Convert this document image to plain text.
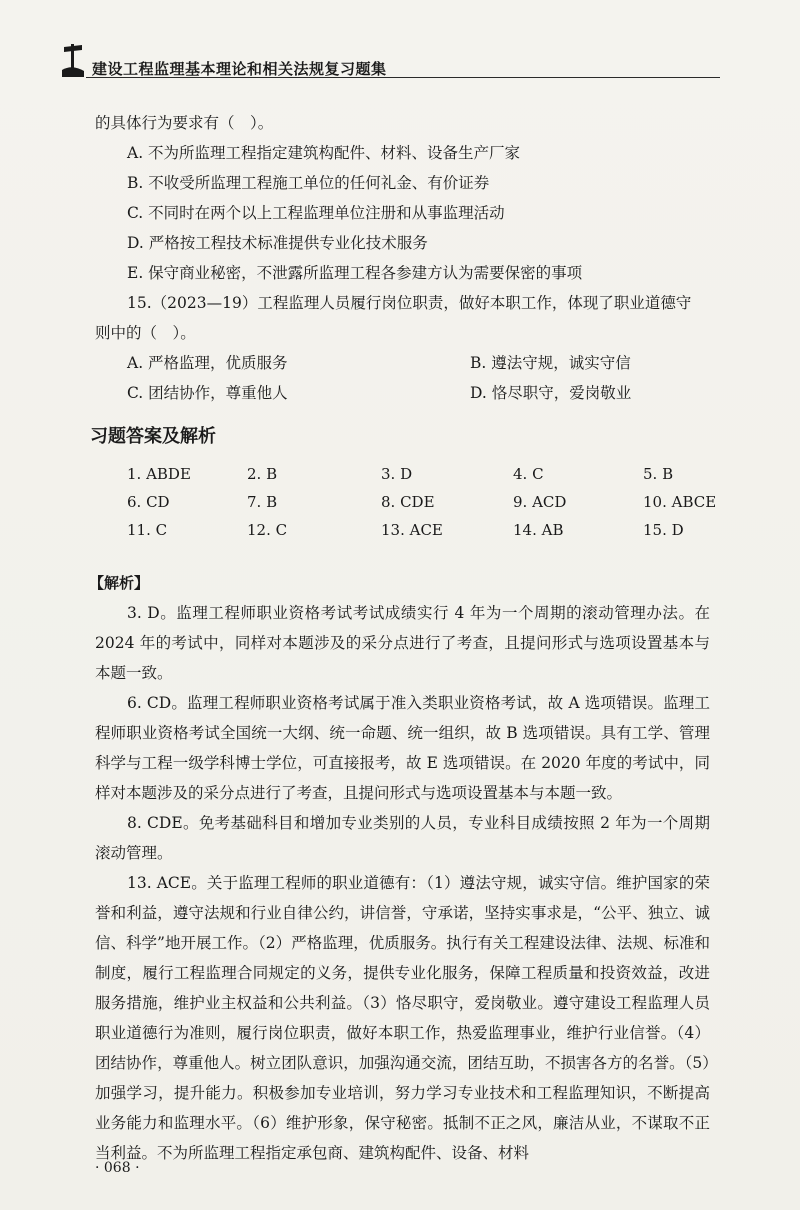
建设工程监理基本理论和相关法规复习题集
的具体行为要求有（　）。
A. 不为所监理工程指定建筑构配件、材料、设备生产厂家
B. 不收受所监理工程施工单位的任何礼金、有价证券
C. 不同时在两个以上工程监理单位注册和从事监理活动
D. 严格按工程技术标准提供专业化技术服务
E. 保守商业秘密，不泄露所监理工程各参建方认为需要保密的事项
15.（2023—19）工程监理人员履行岗位职责，做好本职工作，体现了职业道德守
则中的（　）。
A. 严格监理，优质服务	B. 遵法守规，诚实守信
C. 团结协作，尊重他人	D. 恪尽职守，爱岗敬业
习题答案及解析
1. ABDE	2. B	3. D	4. C	5. B
6. CD	7. B	8. CDE	9. ACD	10. ABCE
11. C	12. C	13. ACE	14. AB	15. D
【解析】
3. D。监理工程师职业资格考试考试成绩实行 4 年为一个周期的滚动管理办法。在 2024 年的考试中，同样对本题涉及的采分点进行了考查，且提问形式与选项设置基本与本题一致。
6. CD。监理工程师职业资格考试属于准入类职业资格考试，故 A 选项错误。监理工程师职业资格考试全国统一大纲、统一命题、统一组织，故 B 选项错误。具有工学、管理科学与工程一级学科博士学位，可直接报考，故 E 选项错误。在 2020 年度的考试中，同样对本题涉及的采分点进行了考查，且提问形式与选项设置基本与本题一致。
8. CDE。免考基础科目和增加专业类别的人员，专业科目成绩按照 2 年为一个周期滚动管理。
13. ACE。关于监理工程师的职业道德有：（1）遵法守规，诚实守信。维护国家的荣誉和利益，遵守法规和行业自律公约，讲信誉，守承诺，坚持实事求是，“公平、独立、诚信、科学”地开展工作。（2）严格监理，优质服务。执行有关工程建设法律、法规、标准和制度，履行工程监理合同规定的义务，提供专业化服务，保障工程质量和投资效益，改进服务措施，维护业主权益和公共利益。（3）恪尽职守，爱岗敬业。遵守建设工程监理人员职业道德行为准则，履行岗位职责，做好本职工作，热爱监理事业，维护行业信誉。（4）团结协作，尊重他人。树立团队意识，加强沟通交流，团结互助，不损害各方的名誉。（5）加强学习，提升能力。积极参加专业培训，努力学习专业技术和工程监理知识，不断提高业务能力和监理水平。（6）维护形象，保守秘密。抵制不正之风，廉洁从业，不谋取不正当利益。不为所监理工程指定承包商、建筑构配件、设备、材料
· 068 ·
